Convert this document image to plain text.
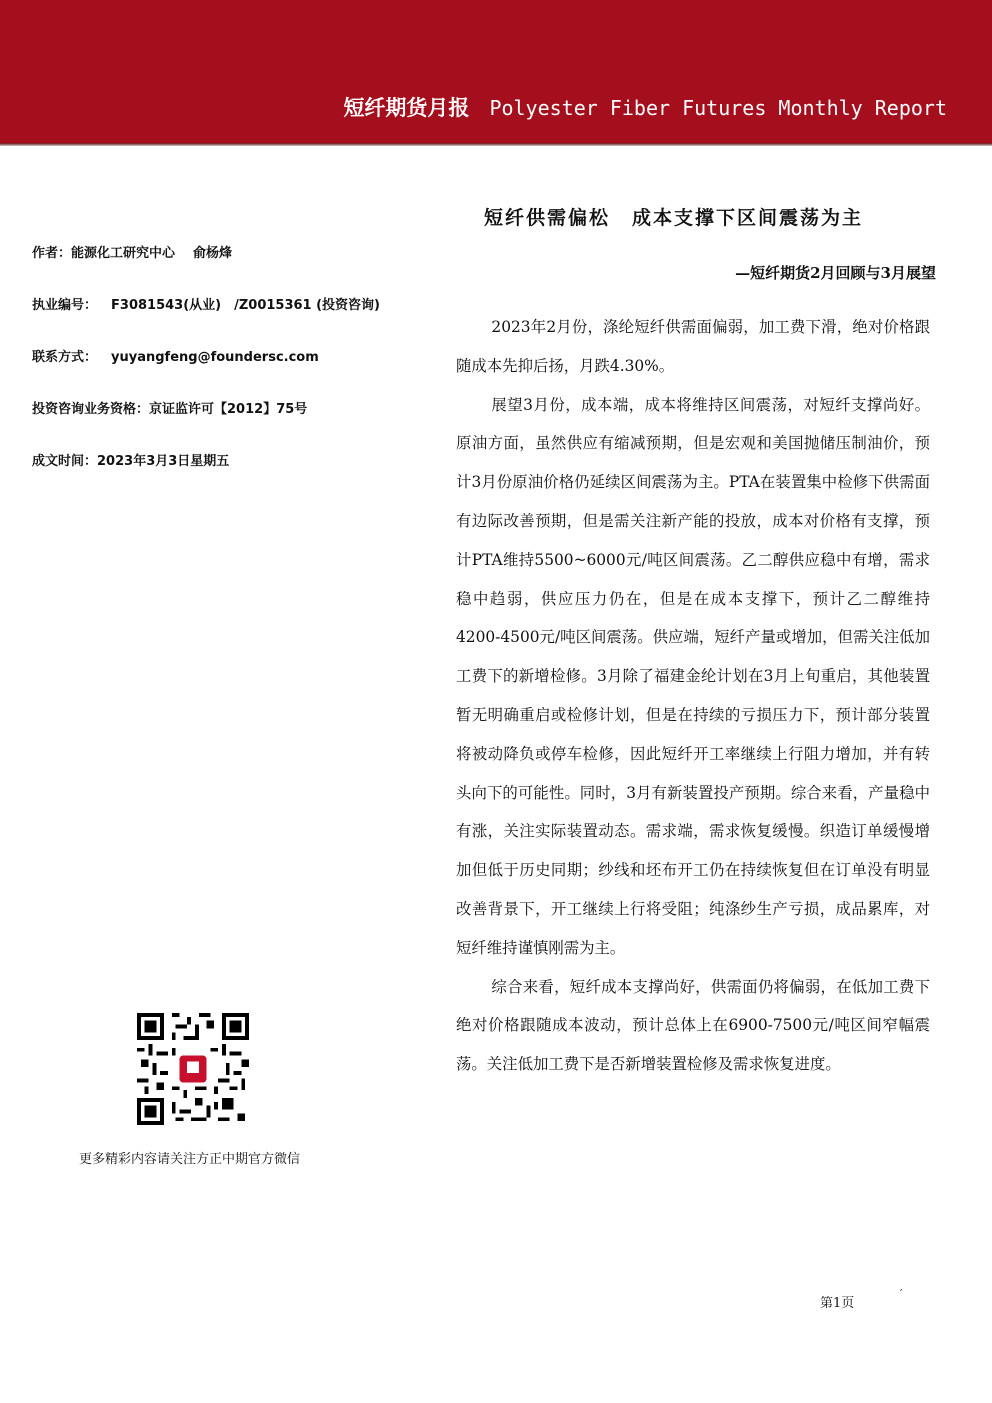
短纤期货月报 Polyester Fiber Futures Monthly Report
作者：能源化工研究中心 俞杨烽
执业编号： F3081543(从业)　/Z0015361 (投资咨询)
联系方式： yuyangfeng@foundersc.com
投资咨询业务资格：京证监许可【2012】75号
成文时间：2023年3月3日星期五
更多精彩内容请关注方正中期官方微信
短纤供需偏松 成本支撑下区间震荡为主
—短纤期货2月回顾与3月展望

2023年2月份，涤纶短纤供需面偏弱，加工费下滑，绝对价格跟随成本先抑后扬，月跌4.30%。

展望3月份，成本端，成本将维持区间震荡，对短纤支撑尚好。原油方面，虽然供应有缩减预期，但是宏观和美国抛储压制油价，预计3月份原油价格仍延续区间震荡为主。PTA在装置集中检修下供需面有边际改善预期，但是需关注新产能的投放，成本对价格有支撑，预计PTA维持5500~6000元/吨区间震荡。乙二醇供应稳中有增，需求稳中趋弱，供应压力仍在，但是在成本支撑下，预计乙二醇维持4200-4500元/吨区间震荡。供应端，短纤产量或增加，但需关注低加工费下的新增检修。3月除了福建金纶计划在3月上旬重启，其他装置暂无明确重启或检修计划，但是在持续的亏损压力下，预计部分装置将被动降负或停车检修，因此短纤开工率继续上行阻力增加，并有转头向下的可能性。同时，3月有新装置投产预期。综合来看，产量稳中有涨，关注实际装置动态。需求端，需求恢复缓慢。织造订单缓慢增加但低于历史同期；纱线和坯布开工仍在持续恢复但在订单没有明显改善背景下，开工继续上行将受阻；纯涤纱生产亏损，成品累库，对短纤维持谨慎刚需为主。

综合来看，短纤成本支撑尚好，供需面仍将偏弱，在低加工费下绝对价格跟随成本波动，预计总体上在6900-7500元/吨区间窄幅震荡。关注低加工费下是否新增装置检修及需求恢复进度。

第1页
′
